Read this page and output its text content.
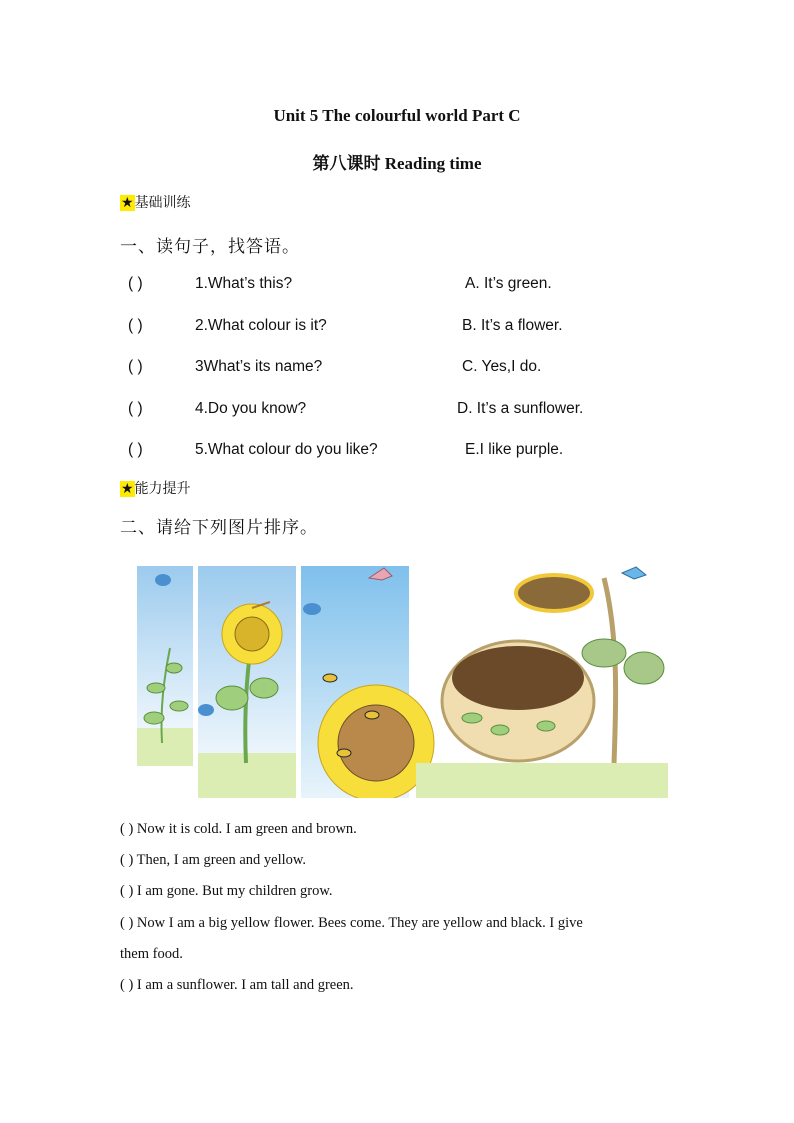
Unit 5 The colourful world Part C
第八课时 Reading time
★基础训练
一、读句子，找答语。
( )	1.What’s this?	A. It’s green.
( )	2.What colour is it?	B. It’s a flower.
( )	3What’s its name?	C. Yes,I do.
( )	4.Do you know?	D. It’s a sunflower.
( )	5.What colour do you like?	E.I like purple.
★能力提升
二、请给下列图片排序。
( ) Now it is cold. I am green and brown.
( ) Then, I am green and yellow.
( ) I am gone. But my children grow.
( ) Now I am a big yellow flower. Bees come. They are yellow and black. I give
them food.
( ) I am a sunflower. I am tall and green.
